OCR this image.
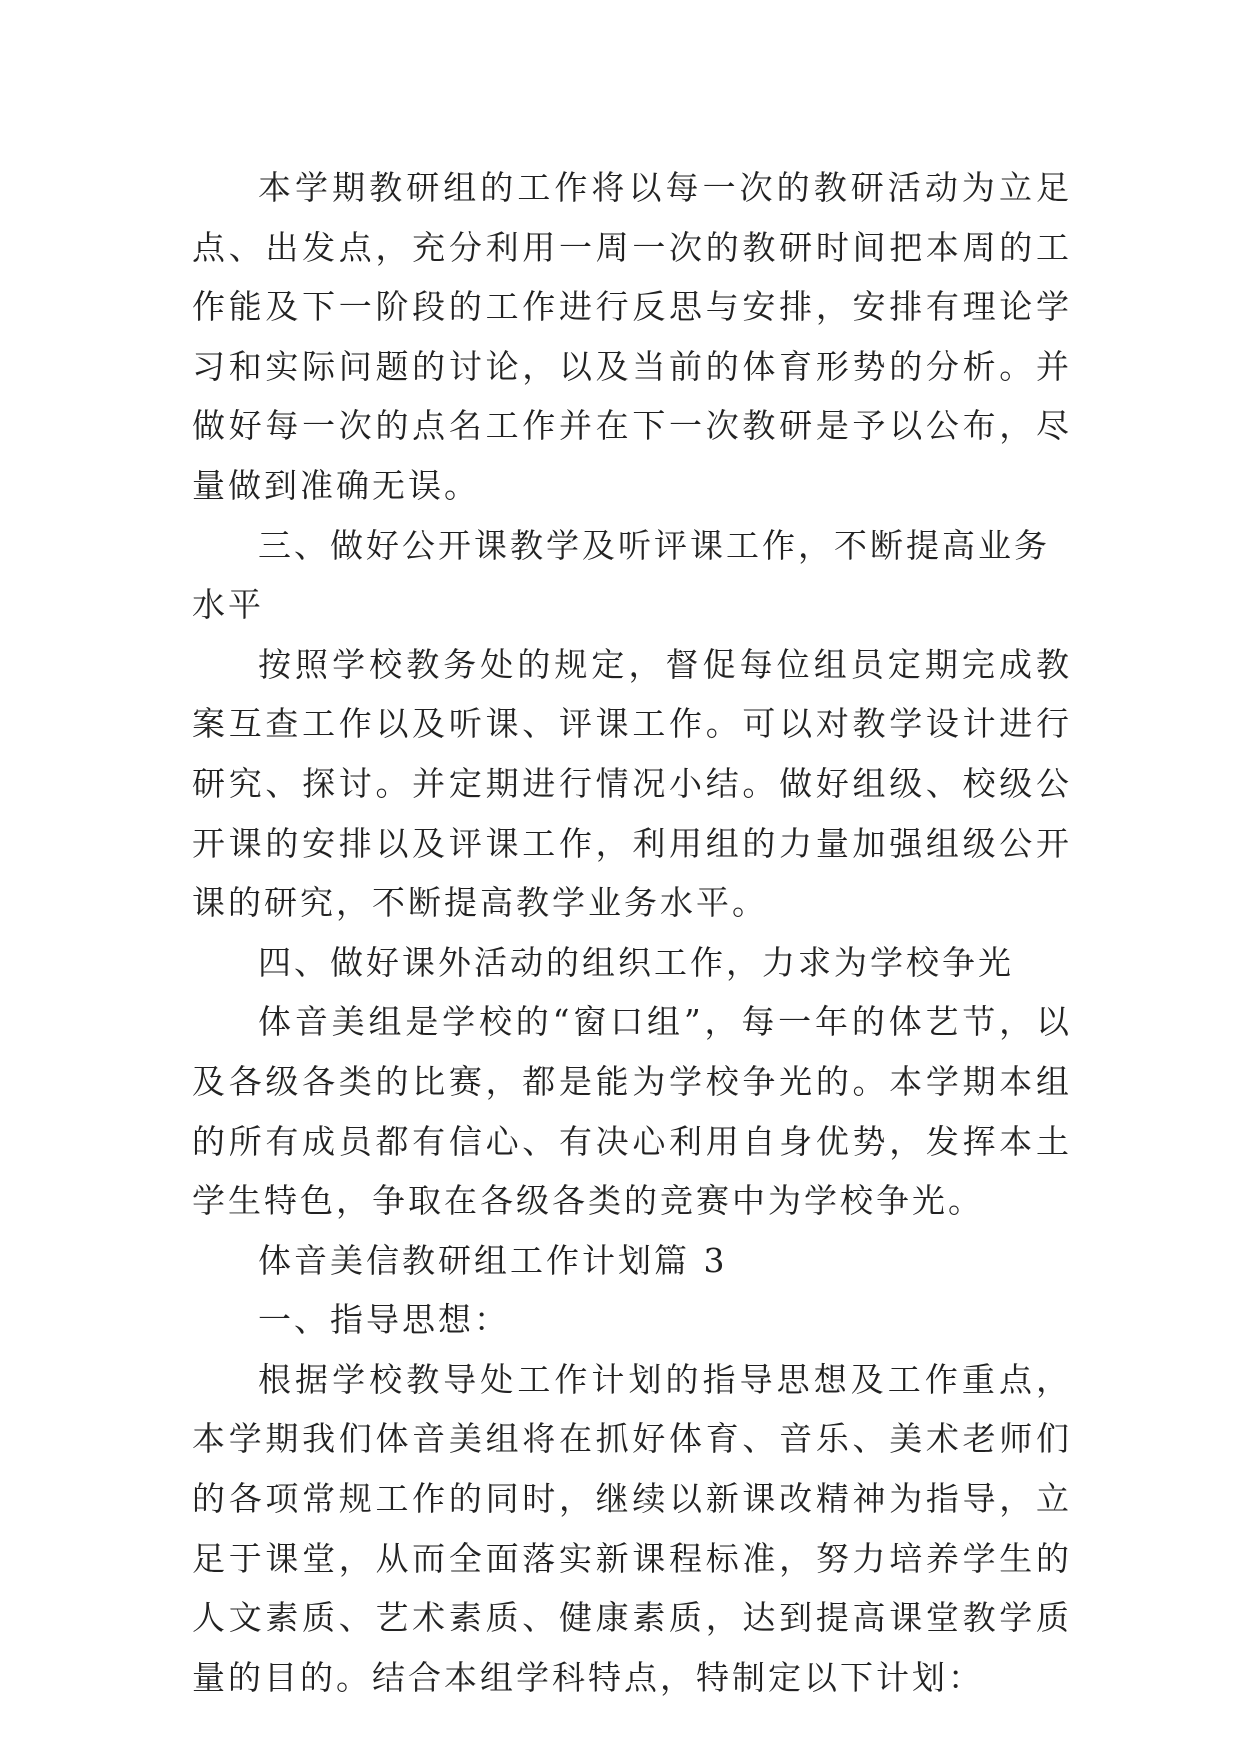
本学期教研组的工作将以每一次的教研活动为立足点、出发点，充分利用一周一次的教研时间把本周的工作能及下一阶段的工作进行反思与安排，安排有理论学习和实际问题的讨论，以及当前的体育形势的分析。并做好每一次的点名工作并在下一次教研是予以公布，尽量做到准确无误。

三、做好公开课教学及听评课工作，不断提高业务水平

按照学校教务处的规定，督促每位组员定期完成教案互查工作以及听课、评课工作。可以对教学设计进行研究、探讨。并定期进行情况小结。做好组级、校级公开课的安排以及评课工作，利用组的力量加强组级公开课的研究，不断提高教学业务水平。

四、做好课外活动的组织工作，力求为学校争光

体音美组是学校的“窗口组”，每一年的体艺节，以及各级各类的比赛，都是能为学校争光的。本学期本组的所有成员都有信心、有决心利用自身优势，发挥本土学生特色，争取在各级各类的竞赛中为学校争光。

体音美信教研组工作计划篇 3

一、指导思想：

根据学校教导处工作计划的指导思想及工作重点，本学期我们体音美组将在抓好体育、音乐、美术老师们的各项常规工作的同时，继续以新课改精神为指导，立足于课堂，从而全面落实新课程标准，努力培养学生的人文素质、艺术素质、健康素质，达到提高课堂教学质量的目的。结合本组学科特点，特制定以下计划：
